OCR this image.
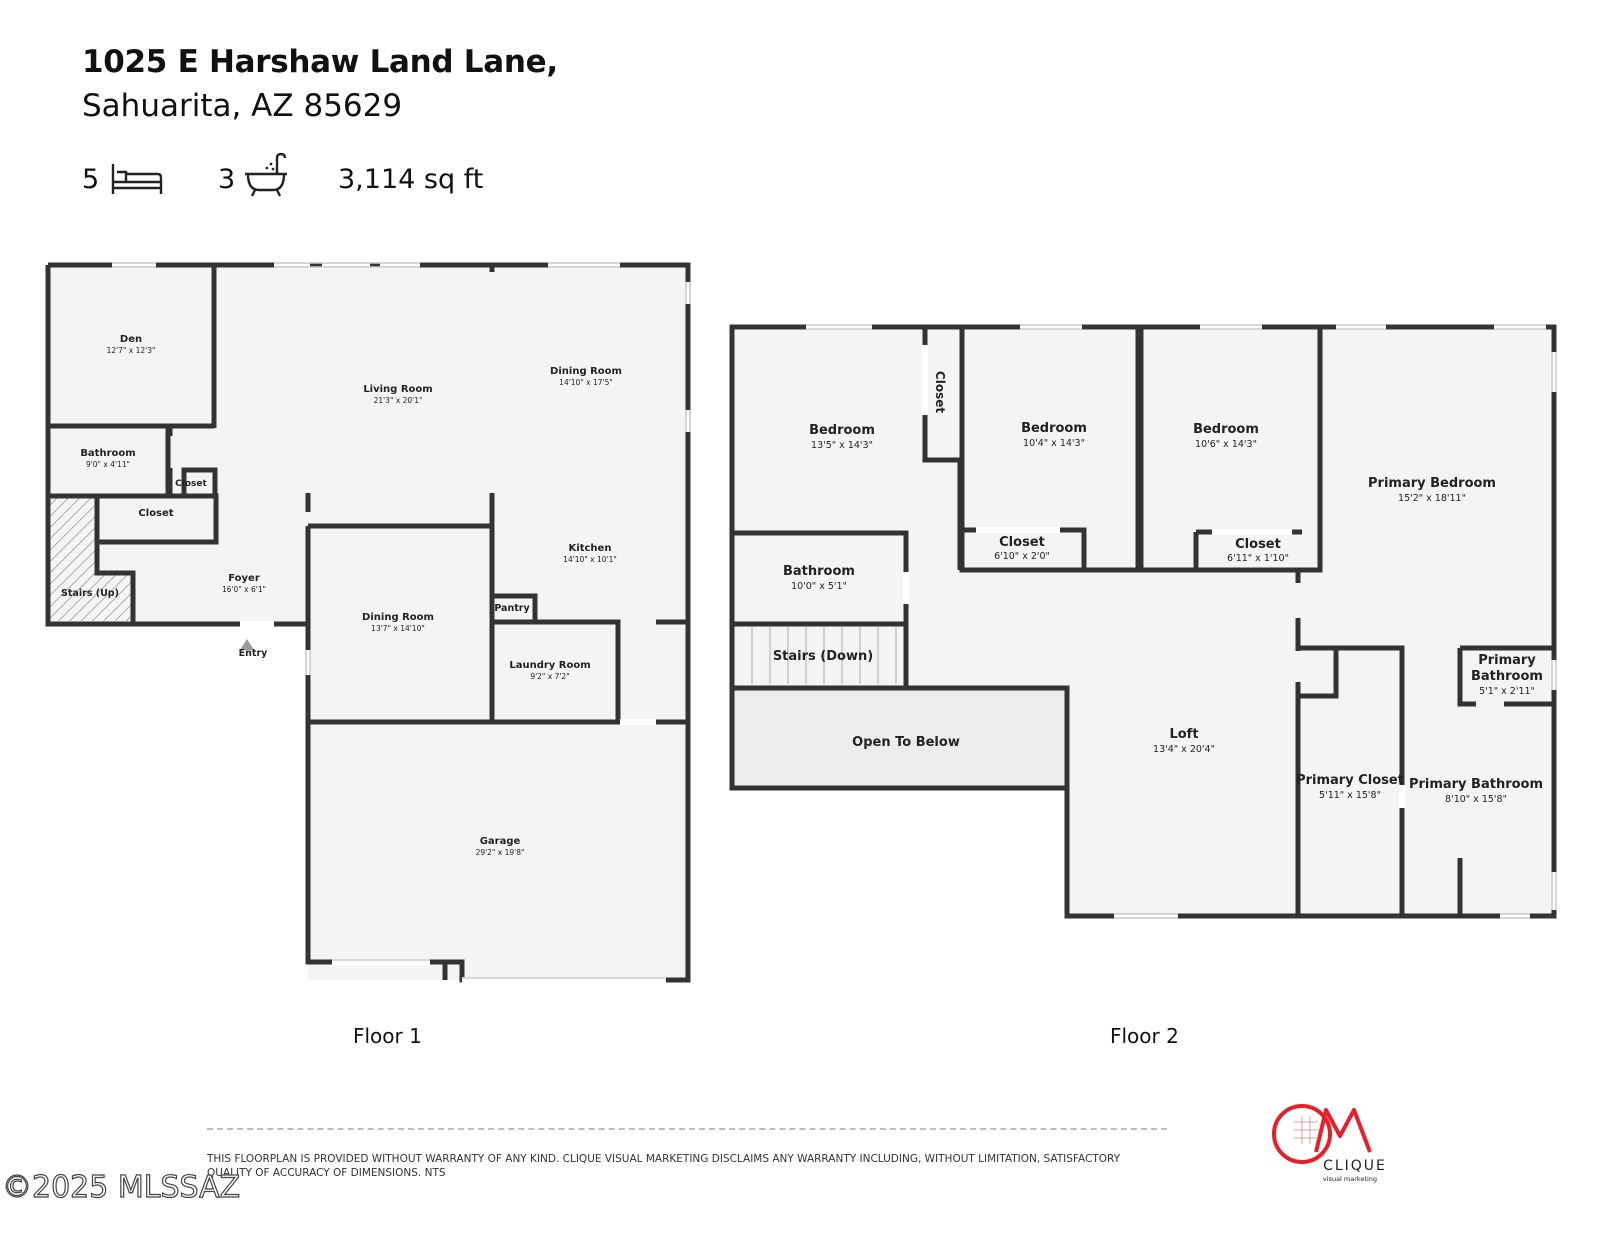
1025 E Harshaw Land Lane,
Sahuarita, AZ 85629
5	3	3,114 sq ft
Den
12'7" x 12'3"
Living Room
21'3" x 20'1"
Dining Room
14'10" x 17'5"
Bathroom
9'0" x 4'11"
Closet
Closet
Kitchen
14'10" x 10'1"
Foyer
16'0" x 6'1"
Stairs (Up)
Pantry
Dining Room
13'7" x 14'10"
Laundry Room
9'2" x 7'2"
Entry
Garage
29'2" x 19'8"
Bedroom
13'5" x 14'3"
Closet
Bedroom
10'4" x 14'3"
Bedroom
10'6" x 14'3"
Primary Bedroom
15'2" x 18'11"
Closet
6'10" x 2'0"
Closet
6'11" x 1'10"
Bathroom
10'0" x 5'1"
Stairs (Down)
Open To Below
Loft
13'4" x 20'4"
Primary
Bathroom
5'1" x 2'11"
Primary Closet
5'11" x 15'8"
Primary Bathroom
8'10" x 15'8"
CLIQUE
visual marketing
Floor 1	Floor 2
THIS FLOORPLAN IS PROVIDED WITHOUT WARRANTY OF ANY KIND. CLIQUE VISUAL MARKETING DISCLAIMS ANY WARRANTY INCLUDING, WITHOUT LIMITATION, SATISFACTORY QUALITY OF ACCURACY OF DIMENSIONS. NTS
©2025 MLSSAZ
